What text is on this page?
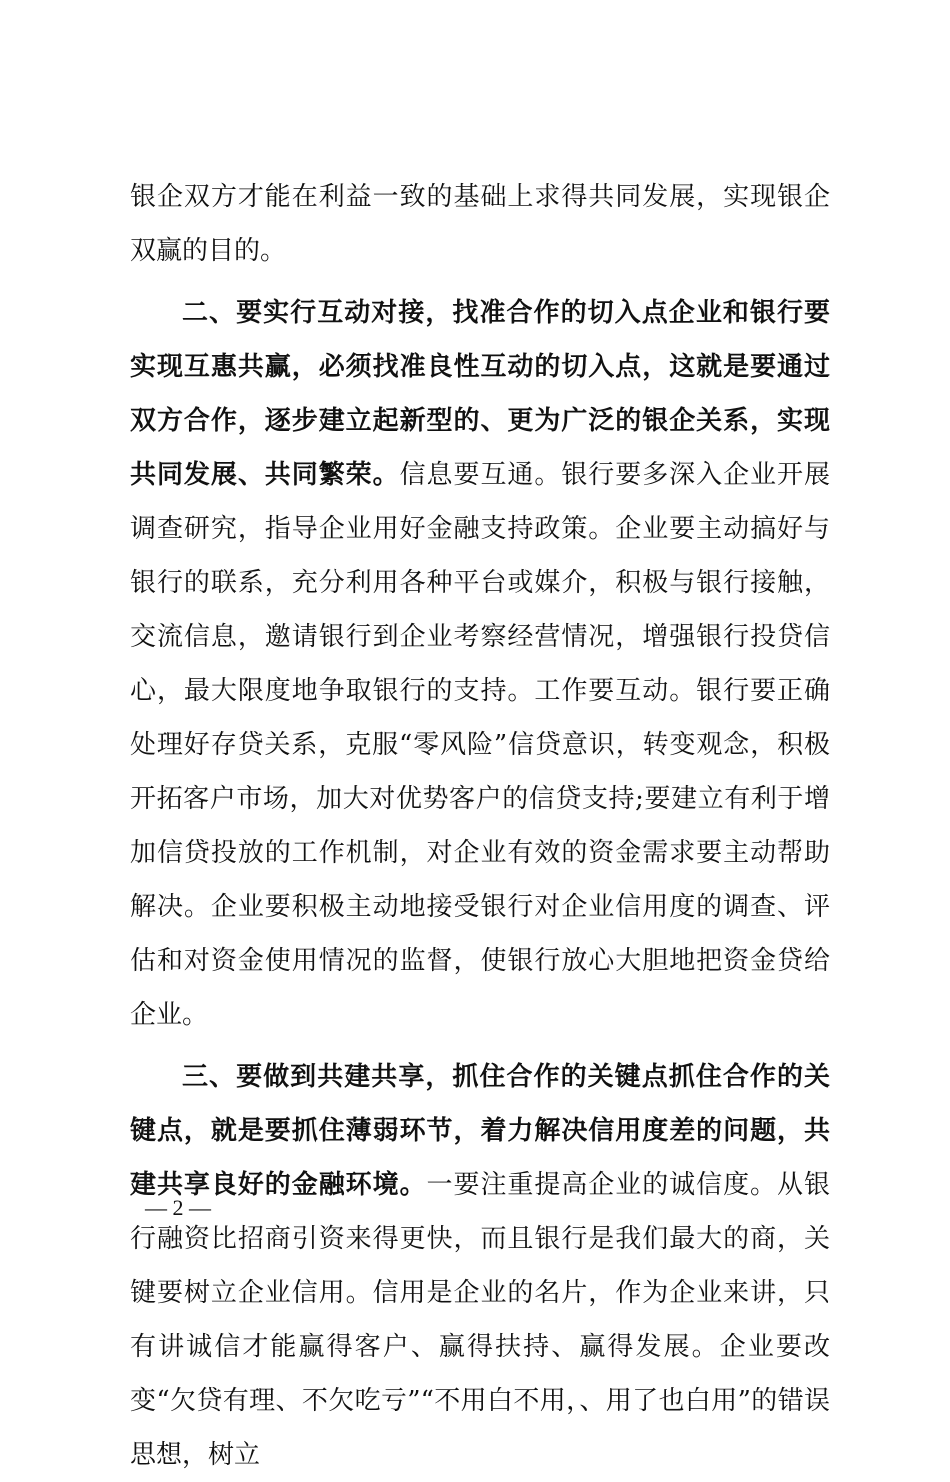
银企双方才能在利益一致的基础上求得共同发展，实现银企双赢的目的。

二、要实行互动对接，找准合作的切入点企业和银行要实现互惠共赢，必须找准良性互动的切入点，这就是要通过双方合作，逐步建立起新型的、更为广泛的银企关系，实现共同发展、共同繁荣。信息要互通。银行要多深入企业开展调查研究，指导企业用好金融支持政策。企业要主动搞好与银行的联系，充分利用各种平台或媒介，积极与银行接触，交流信息，邀请银行到企业考察经营情况，增强银行投贷信心，最大限度地争取银行的支持。工作要互动。银行要正确处理好存贷关系，克服“零风险”信贷意识，转变观念，积极开拓客户市场，加大对优势客户的信贷支持;要建立有利于增加信贷投放的工作机制，对企业有效的资金需求要主动帮助解决。企业要积极主动地接受银行对企业信用度的调查、评估和对资金使用情况的监督，使银行放心大胆地把资金贷给企业。

三、要做到共建共享，抓住合作的关键点抓住合作的关键点，就是要抓住薄弱环节，着力解决信用度差的问题，共建共享良好的金融环境。一要注重提高企业的诚信度。从银行融资比招商引资来得更快，而且银行是我们最大的商，关键要树立企业信用。信用是企业的名片，作为企业来讲，只有讲诚信才能赢得客户、赢得扶持、赢得发展。企业要改变“欠贷有理、不欠吃亏”“不用白不用，、用了也白用”的错误思想，树立

— 2 —
